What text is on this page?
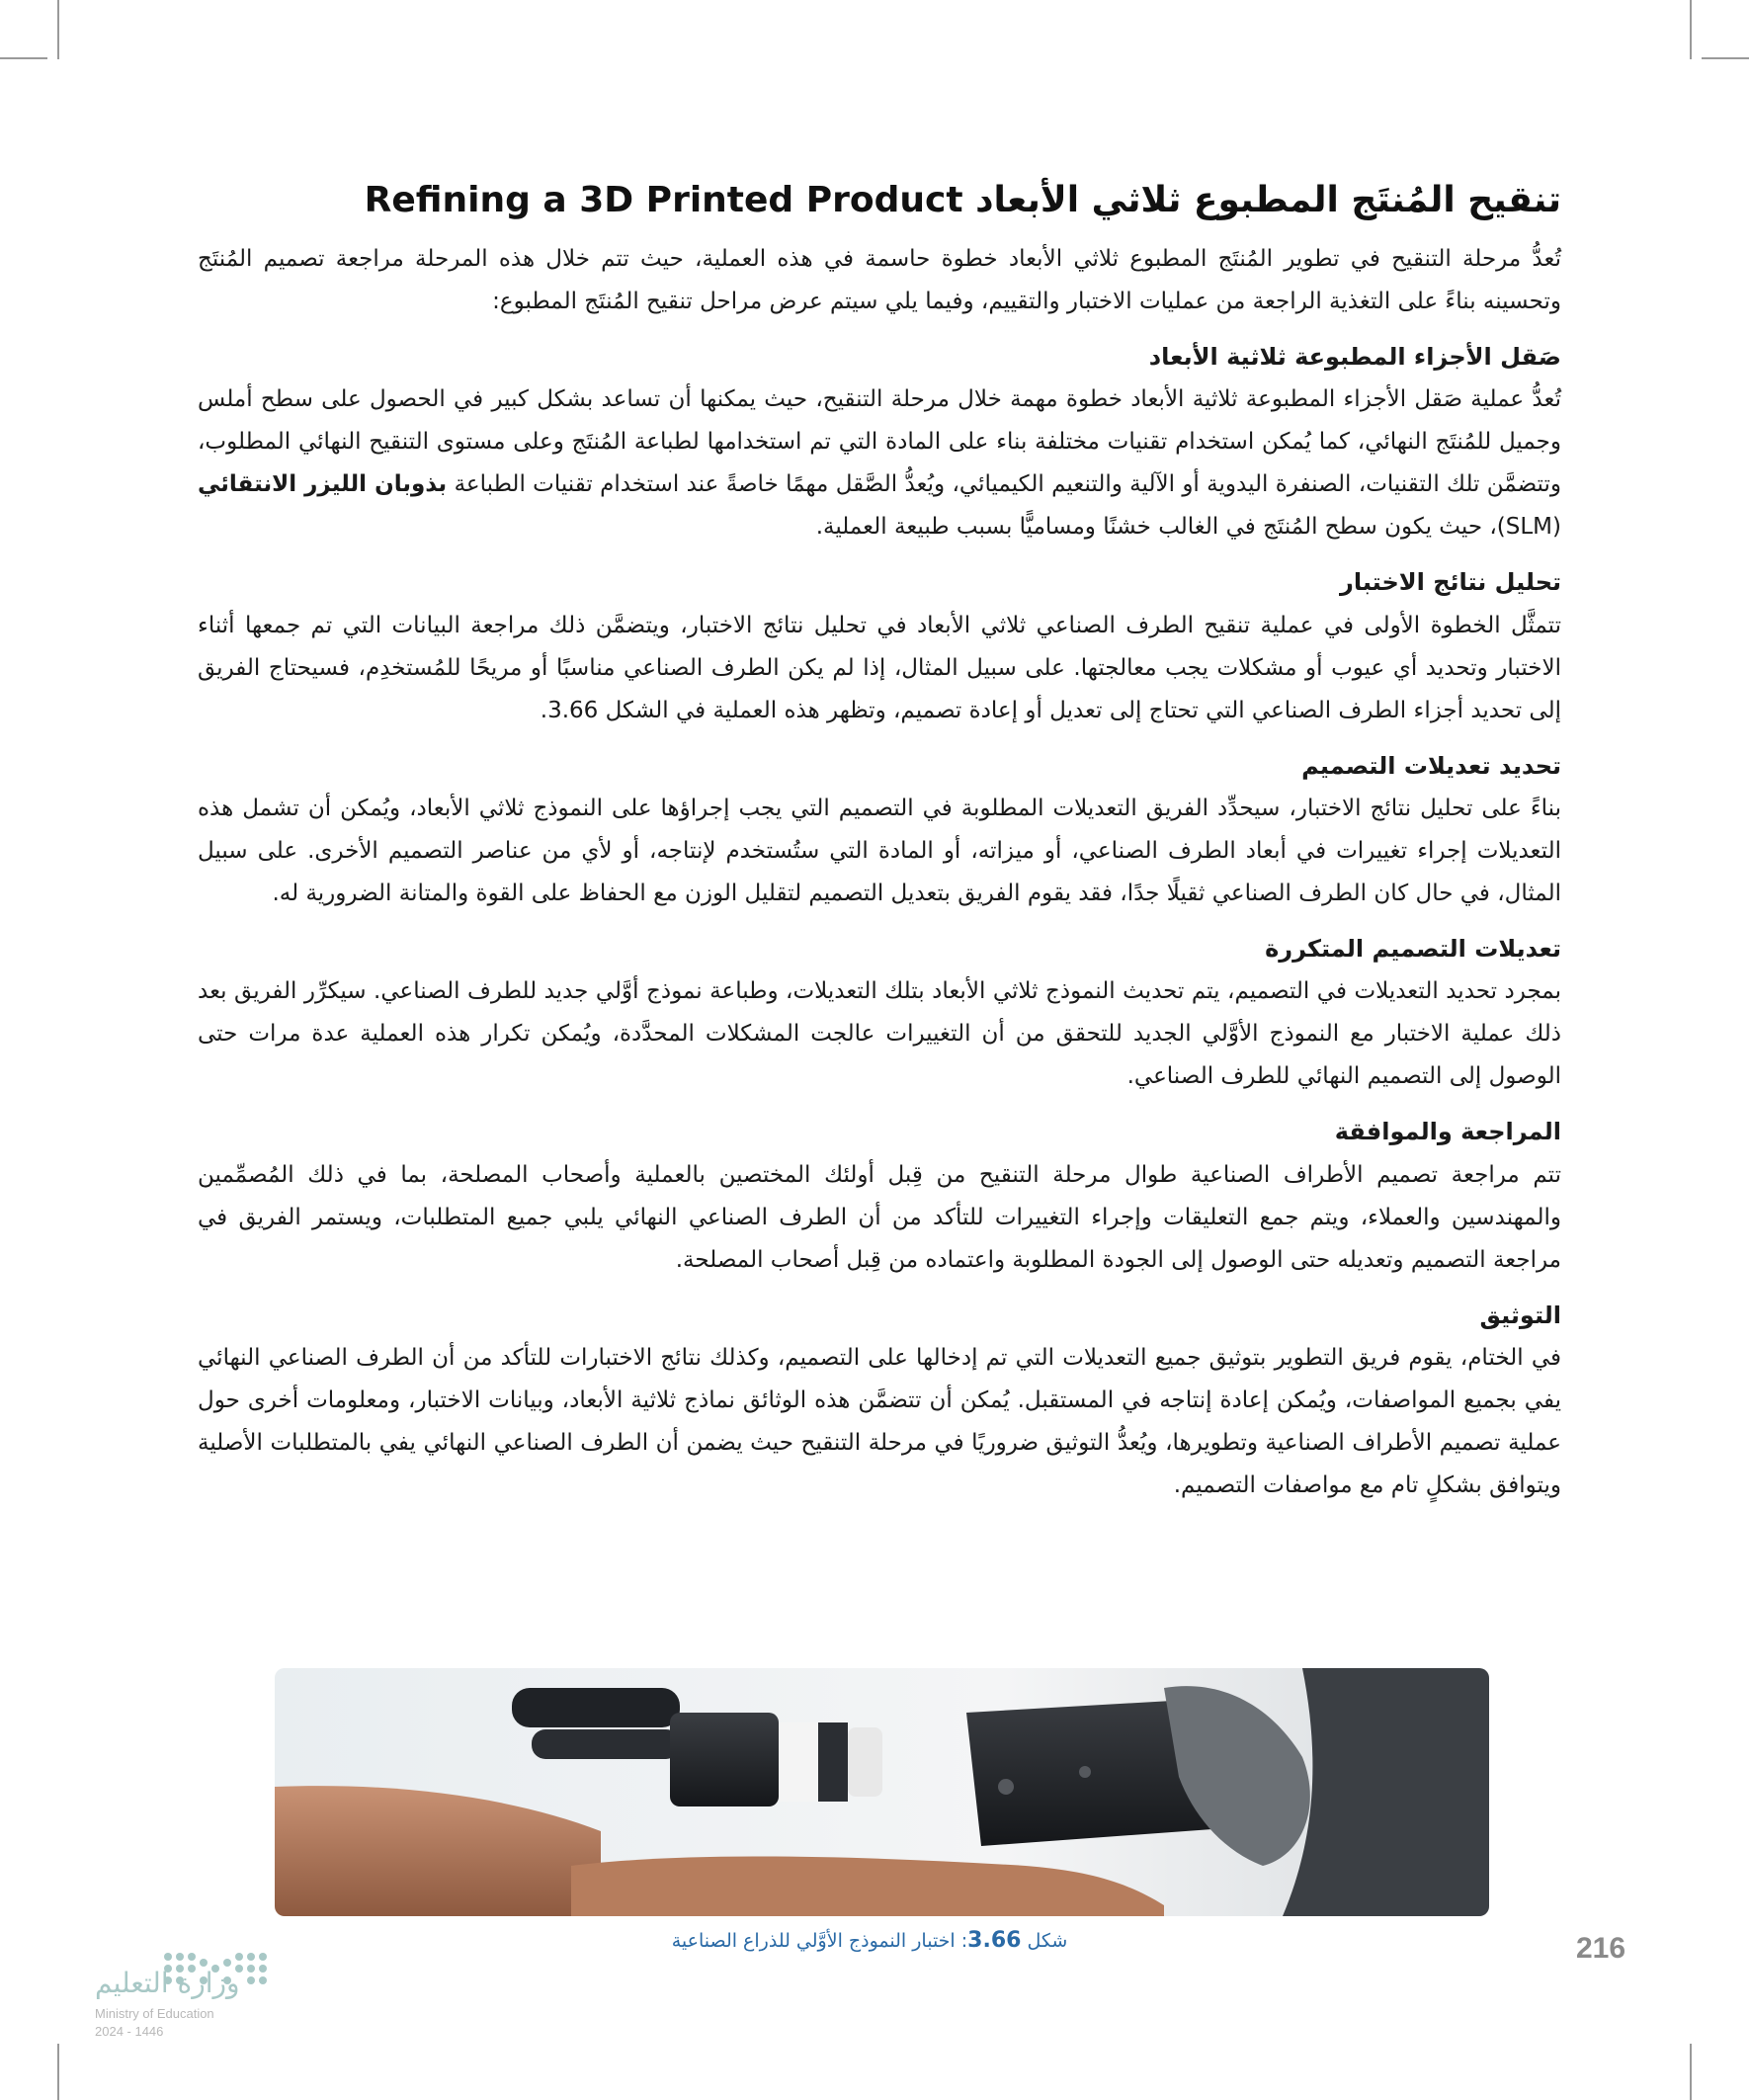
تنقيح المُنتَج المطبوع ثلاثي الأبعاد Refining a 3D Printed Product

تُعدُّ مرحلة التنقيح في تطوير المُنتَج المطبوع ثلاثي الأبعاد خطوة حاسمة في هذه العملية، حيث تتم خلال هذه المرحلة مراجعة تصميم المُنتَج وتحسينه بناءً على التغذية الراجعة من عمليات الاختبار والتقييم، وفيما يلي سيتم عرض مراحل تنقيح المُنتَج المطبوع:

صَقل الأجزاء المطبوعة ثلاثية الأبعاد

تُعدُّ عملية صَقل الأجزاء المطبوعة ثلاثية الأبعاد خطوة مهمة خلال مرحلة التنقيح، حيث يمكنها أن تساعد بشكل كبير في الحصول على سطح أملس وجميل للمُنتَج النهائي، كما يُمكن استخدام تقنيات مختلفة بناء على المادة التي تم استخدامها لطباعة المُنتَج وعلى مستوى التنقيح النهائي المطلوب، وتتضمَّن تلك التقنيات، الصنفرة اليدوية أو الآلية والتنعيم الكيميائي، ويُعدُّ الصَّقل مهمًا خاصةً عند استخدام تقنيات الطباعة بذوبان الليزر الانتقائي (SLM)، حيث يكون سطح المُنتَج في الغالب خشنًا ومساميًّا بسبب طبيعة العملية.

تحليل نتائج الاختبار

تتمثَّل الخطوة الأولى في عملية تنقيح الطرف الصناعي ثلاثي الأبعاد في تحليل نتائج الاختبار، ويتضمَّن ذلك مراجعة البيانات التي تم جمعها أثناء الاختبار وتحديد أي عيوب أو مشكلات يجب معالجتها. على سبيل المثال، إذا لم يكن الطرف الصناعي مناسبًا أو مريحًا للمُستخدِم، فسيحتاج الفريق إلى تحديد أجزاء الطرف الصناعي التي تحتاج إلى تعديل أو إعادة تصميم، وتظهر هذه العملية في الشكل 3.66.

تحديد تعديلات التصميم

بناءً على تحليل نتائج الاختبار، سيحدِّد الفريق التعديلات المطلوبة في التصميم التي يجب إجراؤها على النموذج ثلاثي الأبعاد، ويُمكن أن تشمل هذه التعديلات إجراء تغييرات في أبعاد الطرف الصناعي، أو ميزاته، أو المادة التي ستُستخدم لإنتاجه، أو لأي من عناصر التصميم الأخرى. على سبيل المثال، في حال كان الطرف الصناعي ثقيلًا جدًا، فقد يقوم الفريق بتعديل التصميم لتقليل الوزن مع الحفاظ على القوة والمتانة الضرورية له.

تعديلات التصميم المتكررة

بمجرد تحديد التعديلات في التصميم، يتم تحديث النموذج ثلاثي الأبعاد بتلك التعديلات، وطباعة نموذج أوَّلي جديد للطرف الصناعي. سيكرِّر الفريق بعد ذلك عملية الاختبار مع النموذج الأوَّلي الجديد للتحقق من أن التغييرات عالجت المشكلات المحدَّدة، ويُمكن تكرار هذه العملية عدة مرات حتى الوصول إلى التصميم النهائي للطرف الصناعي.

المراجعة والموافقة

تتم مراجعة تصميم الأطراف الصناعية طوال مرحلة التنقيح من قِبل أولئك المختصين بالعملية وأصحاب المصلحة، بما في ذلك المُصمِّمين والمهندسين والعملاء، ويتم جمع التعليقات وإجراء التغييرات للتأكد من أن الطرف الصناعي النهائي يلبي جميع المتطلبات، ويستمر الفريق في مراجعة التصميم وتعديله حتى الوصول إلى الجودة المطلوبة واعتماده من قِبل أصحاب المصلحة.

التوثيق

في الختام، يقوم فريق التطوير بتوثيق جميع التعديلات التي تم إدخالها على التصميم، وكذلك نتائج الاختبارات للتأكد من أن الطرف الصناعي النهائي يفي بجميع المواصفات، ويُمكن إعادة إنتاجه في المستقبل. يُمكن أن تتضمَّن هذه الوثائق نماذج ثلاثية الأبعاد، وبيانات الاختبار، ومعلومات أخرى حول عملية تصميم الأطراف الصناعية وتطويرها، ويُعدُّ التوثيق ضروريًا في مرحلة التنقيح حيث يضمن أن الطرف الصناعي النهائي يفي بالمتطلبات الأصلية ويتوافق بشكلٍ تام مع مواصفات التصميم.

شكل 3.66: اختبار النموذج الأوَّلي للذراع الصناعية	216
وزارة التعليم
Ministry of Education
2024 - 1446
